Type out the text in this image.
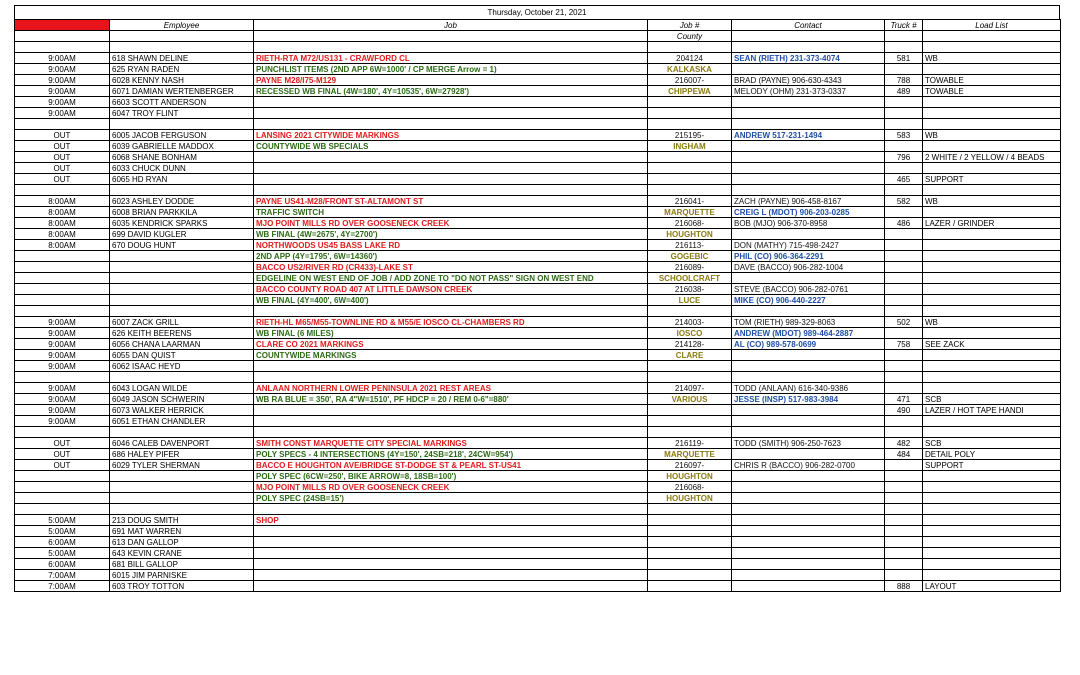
Thursday, October 21, 2021
Time	Employee	Job	Job #	Contact	Truck #	Load List
			County			

9:00AM	618 SHAWN DELINE	RIETH-RTA M72/US131 - CRAWFORD CL	204124	SEAN (RIETH) 231-373-4074	581	WB
9:00AM	625 RYAN RADEN	PUNCHLIST ITEMS (2ND APP 6W=1000' / CP MERGE Arrow = 1)	KALKASKA			
9:00AM	6028 KENNY NASH	PAYNE M28/I75-M129	216007-	BRAD (PAYNE) 906-630-4343	788	TOWABLE
9:00AM	6071 DAMIAN WERTENBERGER	RECESSED WB FINAL (4W=180', 4Y=10535', 6W=27928')	CHIPPEWA	MELODY (OHM) 231-373-0337	489	TOWABLE
9:00AM	6603 SCOTT ANDERSON					
9:00AM	6047 TROY FLINT					

OUT	6005 JACOB FERGUSON	LANSING 2021 CITYWIDE MARKINGS	215195-	ANDREW 517-231-1494	583	WB
OUT	6039 GABRIELLE MADDOX	COUNTYWIDE WB SPECIALS	INGHAM			
OUT	6068 SHANE BONHAM				796	2 WHITE / 2 YELLOW / 4 BEADS
OUT	6033 CHUCK DUNN					
OUT	6065 HD RYAN				465	SUPPORT

8:00AM	6023 ASHLEY DODDE	PAYNE US41-M28/FRONT ST-ALTAMONT ST	216041-	ZACH (PAYNE) 906-458-8167	582	WB
8:00AM	6008 BRIAN PARKKILA	TRAFFIC SWITCH	MARQUETTE	CREIG L (MDOT) 906-203-0285		
8:00AM	6035 KENDRICK SPARKS	MJO POINT MILLS RD OVER GOOSENECK CREEK	216068-	BOB (MJO) 906-370-8958	486	LAZER / GRINDER
8:00AM	699 DAVID KUGLER	WB FINAL (4W=2675', 4Y=2700')	HOUGHTON			
8:00AM	670 DOUG HUNT	NORTHWOODS US45 BASS LAKE RD	216113-	DON (MATHY) 715-498-2427		
		2ND APP (4Y=1795', 6W=14360')	GOGEBIC	PHIL (CO) 906-364-2291		
		BACCO US2/RIVER RD (CR433)-LAKE ST	216089-	DAVE (BACCO) 906-282-1004		
		EDGELINE ON WEST END OF JOB / ADD ZONE TO "DO NOT PASS" SIGN ON WEST END	SCHOOLCRAFT			
		BACCO COUNTY ROAD 407 AT LITTLE DAWSON CREEK	216038-	STEVE (BACCO) 906-282-0761		
		WB FINAL (4Y=400', 6W=400')	LUCE	MIKE (CO) 906-440-2227		

9:00AM	6007 ZACK GRILL	RIETH-HL M65/M55-TOWNLINE RD & M55/E IOSCO CL-CHAMBERS RD	214003-	TOM (RIETH) 989-329-8063	502	WB
9:00AM	626 KEITH BEERENS	WB FINAL (6 MILES)	IOSCO	ANDREW (MDOT) 989-464-2887		
9:00AM	6056 CHANA LAARMAN	CLARE CO 2021 MARKINGS	214128-	AL (CO) 989-578-0699	758	SEE ZACK
9:00AM	6055 DAN QUIST	COUNTYWIDE MARKINGS	CLARE			
9:00AM	6062 ISAAC HEYD					

9:00AM	6043 LOGAN WILDE	ANLAAN NORTHERN LOWER PENINSULA 2021 REST AREAS	214097-	TODD (ANLAAN) 616-340-9386		
9:00AM	6049 JASON SCHWERIN	WB RA BLUE = 350', RA 4"W=1510', PF HDCP = 20 / REM 0-6"=880'	VARIOUS	JESSE (INSP) 517-983-3984	471	SCB
9:00AM	6073 WALKER HERRICK				490	LAZER / HOT TAPE HANDI
9:00AM	6051 ETHAN CHANDLER					

OUT	6046 CALEB DAVENPORT	SMITH CONST MARQUETTE CITY SPECIAL MARKINGS	216119-	TODD (SMITH) 906-250-7623	482	SCB
OUT	686 HALEY PIFER	POLY SPECS - 4 INTERSECTIONS (4Y=150', 24SB=218', 24CW=954')	MARQUETTE		484	DETAIL POLY
OUT	6029 TYLER SHERMAN	BACCO E HOUGHTON AVE/BRIDGE ST-DODGE ST & PEARL ST-US41	216097-	CHRIS R (BACCO) 906-282-0700		SUPPORT
		POLY SPEC (6CW=250', BIKE ARROW=8, 18SB=100')	HOUGHTON			
		MJO POINT MILLS RD OVER GOOSENECK CREEK	216068-			
		POLY SPEC (24SB=15')	HOUGHTON			

5:00AM	213 DOUG SMITH	SHOP				
5:00AM	691 MAT WARREN					
6:00AM	613 DAN GALLOP					
5:00AM	643 KEVIN CRANE					
6:00AM	681 BILL GALLOP					
7:00AM	6015 JIM PARNISKE					
7:00AM	603 TROY TOTTON				888	LAYOUT
